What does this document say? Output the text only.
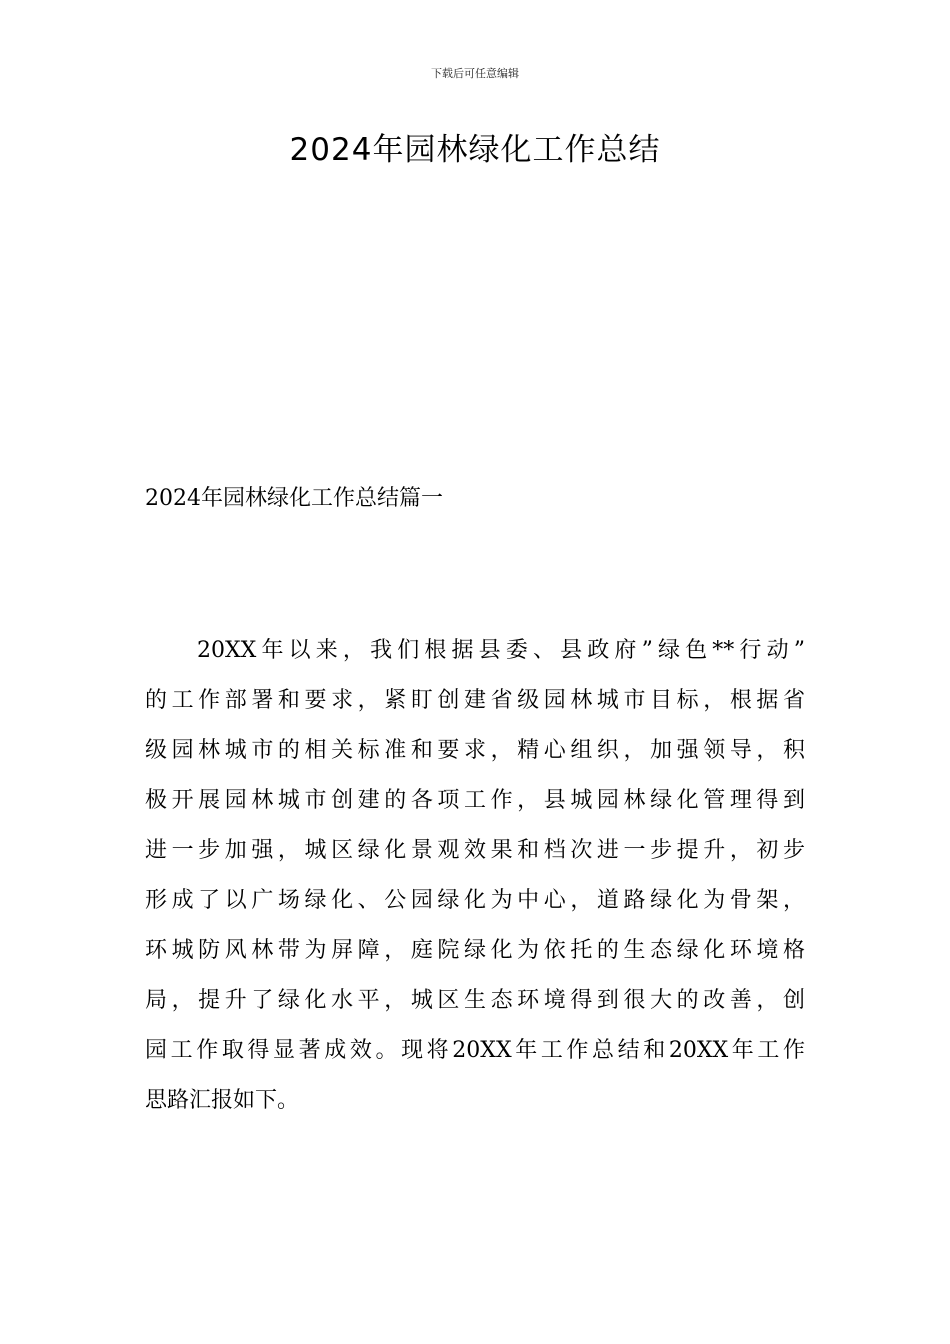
下载后可任意编辑
2024年园林绿化工作总结
2024年园林绿化工作总结篇一
20XX年以来，我们根据县委、县政府”绿色**行动”
的工作部署和要求，紧盯创建省级园林城市目标，根据省
级园林城市的相关标准和要求，精心组织，加强领导，积
极开展园林城市创建的各项工作，县城园林绿化管理得到
进一步加强，城区绿化景观效果和档次进一步提升，初步
形成了以广场绿化、公园绿化为中心，道路绿化为骨架，
环城防风林带为屏障，庭院绿化为依托的生态绿化环境格
局，提升了绿化水平，城区生态环境得到很大的改善，创
园工作取得显著成效。现将20XX年工作总结和20XX年工作
思路汇报如下。
